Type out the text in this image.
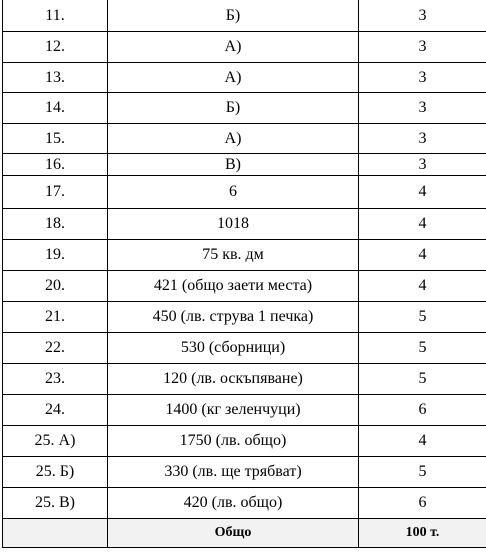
11.	Б)	3
12.	А)	3
13.	А)	3
14.	Б)	3
15.	А)	3
16.	В)	3
17.	6	4
18.	1018	4
19.	75 кв. дм	4
20.	421 (общо заети места)	4
21.	450 (лв. струва 1 печка)	5
22.	530 (сборници)	5
23.	120 (лв. оскъпяване)	5
24.	1400 (кг зеленчуци)	6
25. А)	1750 (лв. общо)	4
25. Б)	330 (лв. ще трябват)	5
25. В)	420 (лв. общо)	6
	Общо	100 т.
